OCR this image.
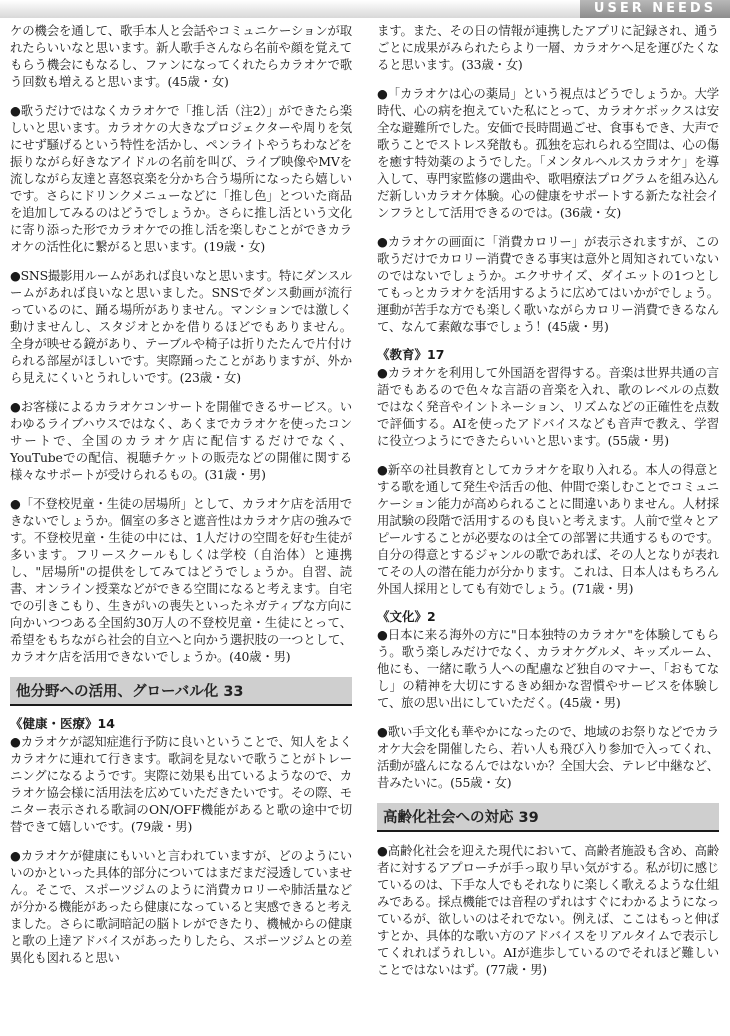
USER NEEDS

ケの機会を通して、歌手本人と会話やコミュニケーションが取れたらいいなと思います。新人歌手さんなら名前や顔を覚えてもらう機会にもなるし、ファンになってくれたらカラオケで歌う回数も増えると思います。(45歳・女)

●歌うだけではなくカラオケで「推し活（注2）」ができたら楽しいと思います。カラオケの大きなプロジェクターや周りを気にせず騒げるという特性を活かし、ペンライトやうちわなどを振りながら好きなアイドルの名前を叫び、ライブ映像やMVを流しながら友達と喜怒哀楽を分かち合う場所になったら嬉しいです。さらにドリンクメニューなどに「推し色」とついた商品を追加してみるのはどうでしょうか。さらに推し活という文化に寄り添った形でカラオケでの推し活を楽しむことができカラオケの活性化に繋がると思います。(19歳・女)

●SNS撮影用ルームがあれば良いなと思います。特にダンスルームがあれば良いなと思いました。SNSでダンス動画が流行っているのに、踊る場所がありません。マンションでは激しく動けませんし、スタジオとかを借りるほどでもありません。全身が映せる鏡があり、テーブルや椅子は折りたたんで片付けられる部屋がほしいです。実際踊ったことがありますが、外から見えにくいとうれしいです。(23歳・女)

●お客様によるカラオケコンサートを開催できるサービス。いわゆるライブハウスではなく、あくまでカラオケを使ったコンサートで、全国のカラオケ店に配信するだけでなく、YouTubeでの配信、視聴チケットの販売などの開催に関する様々なサポートが受けられるもの。(31歳・男)

●「不登校児童・生徒の居場所」として、カラオケ店を活用できないでしょうか。個室の多さと遮音性はカラオケ店の強みです。不登校児童・生徒の中には、1人だけの空間を好む生徒が多います。フリースクールもしくは学校（自治体）と連携し、"居場所"の提供をしてみてはどうでしょうか。自習、読書、オンライン授業などができる空間になると考えます。自宅での引きこもり、生きがいの喪失といったネガティブな方向に向かいつつある全国約30万人の不登校児童・生徒にとって、希望をもちながら社会的自立へと向かう選択肢の一つとして、カラオケ店を活用できないでしょうか。(40歳・男)

他分野への活用、グローバル化 33
《健康・医療》14

●カラオケが認知症進行予防に良いということで、知人をよくカラオケに連れて行きます。歌詞を見ないで歌うことがトレーニングになるようです。実際に効果も出ているようなので、カラオケ協会様に活用法を広めていただきたいです。その際、モニター表示される歌詞のON/OFF機能があると歌の途中で切替できて嬉しいです。(79歳・男)

●カラオケが健康にもいいと言われていますが、どのようにいいのかといった具体的部分についてはまだまだ浸透していません。そこで、スポーツジムのように消費カロリーや肺活量などが分かる機能があったら健康になっていると実感できると考えました。さらに歌詞暗記の脳トレができたり、機械からの健康と歌の上達アドバイスがあったりしたら、スポーツジムとの差異化も図れると思い

ます。また、その日の情報が連携したアプリに記録され、通うごとに成果がみられたらより一層、カラオケへ足を運びたくなると思います。(33歳・女)

●「カラオケは心の薬局」という視点はどうでしょうか。大学時代、心の病を抱えていた私にとって、カラオケボックスは安全な避難所でした。安価で長時間過ごせ、食事もでき、大声で歌うことでストレス発散も。孤独を忘れられる空間は、心の傷を癒す特効薬のようでした。「メンタルヘルスカラオケ」を導入して、専門家監修の選曲や、歌唱療法プログラムを組み込んだ新しいカラオケ体験。心の健康をサポートする新たな社会インフラとして活用できるのでは。(36歳・女)

●カラオケの画面に「消費カロリー」が表示されますが、この歌うだけでカロリー消費できる事実は意外と周知されていないのではないでしょうか。エクササイズ、ダイエットの1つとしてもっとカラオケを活用するように広めてはいかがでしょう。運動が苦手な方でも楽しく歌いながらカロリー消費できるなんて、なんて素敵な事でしょう！(45歳・男)

《教育》17

●カラオケを利用して外国語を習得する。音楽は世界共通の言語でもあるので色々な言語の音楽を入れ、歌のレベルの点数ではなく発音やイントネーション、リズムなどの正確性を点数で評価する。AIを使ったアドバイスなども音声で教え、学習に役立つようにできたらいいと思います。(55歳・男)

●新卒の社員教育としてカラオケを取り入れる。本人の得意とする歌を通して発生や活舌の他、仲間で楽しむことでコミュニケーション能力が高められることに間違いありません。人材採用試験の段階で活用するのも良いと考えます。人前で堂々とアピールすることが必要なのは全ての部署に共通するものです。自分の得意とするジャンルの歌であれば、その人となりが表れてその人の潜在能力が分かります。これは、日本人はもちろん外国人採用としても有効でしょう。(71歳・男)

《文化》2

●日本に来る海外の方に"日本独特のカラオケ"を体験してもらう。歌う楽しみだけでなく、カラオケグルメ、キッズルーム、他にも、一緒に歌う人への配慮など独自のマナー、「おもてなし」の精神を大切にするきめ細かな習慣やサービスを体験して、旅の思い出にしていただく。(45歳・男)

●歌い手文化も華やかになったので、地域のお祭りなどでカラオケ大会を開催したら、若い人も飛び入り参加で入ってくれ、活動が盛んになるんではないか？全国大会、テレビ中継など、昔みたいに。(55歳・女)

高齢化社会への対応 39

●高齢化社会を迎えた現代において、高齢者施設も含め、高齢者に対するアプローチが手っ取り早い気がする。私が切に感じているのは、下手な人でもそれなりに楽しく歌えるような仕組みである。採点機能では音程のずれはすぐにわかるようになっているが、欲しいのはそれでない。例えば、ここはもっと伸ばすとか、具体的な歌い方のアドバイスをリアルタイムで表示してくれればうれしい。AIが進歩しているのでそれほど難しいことではないはず。(77歳・男)
